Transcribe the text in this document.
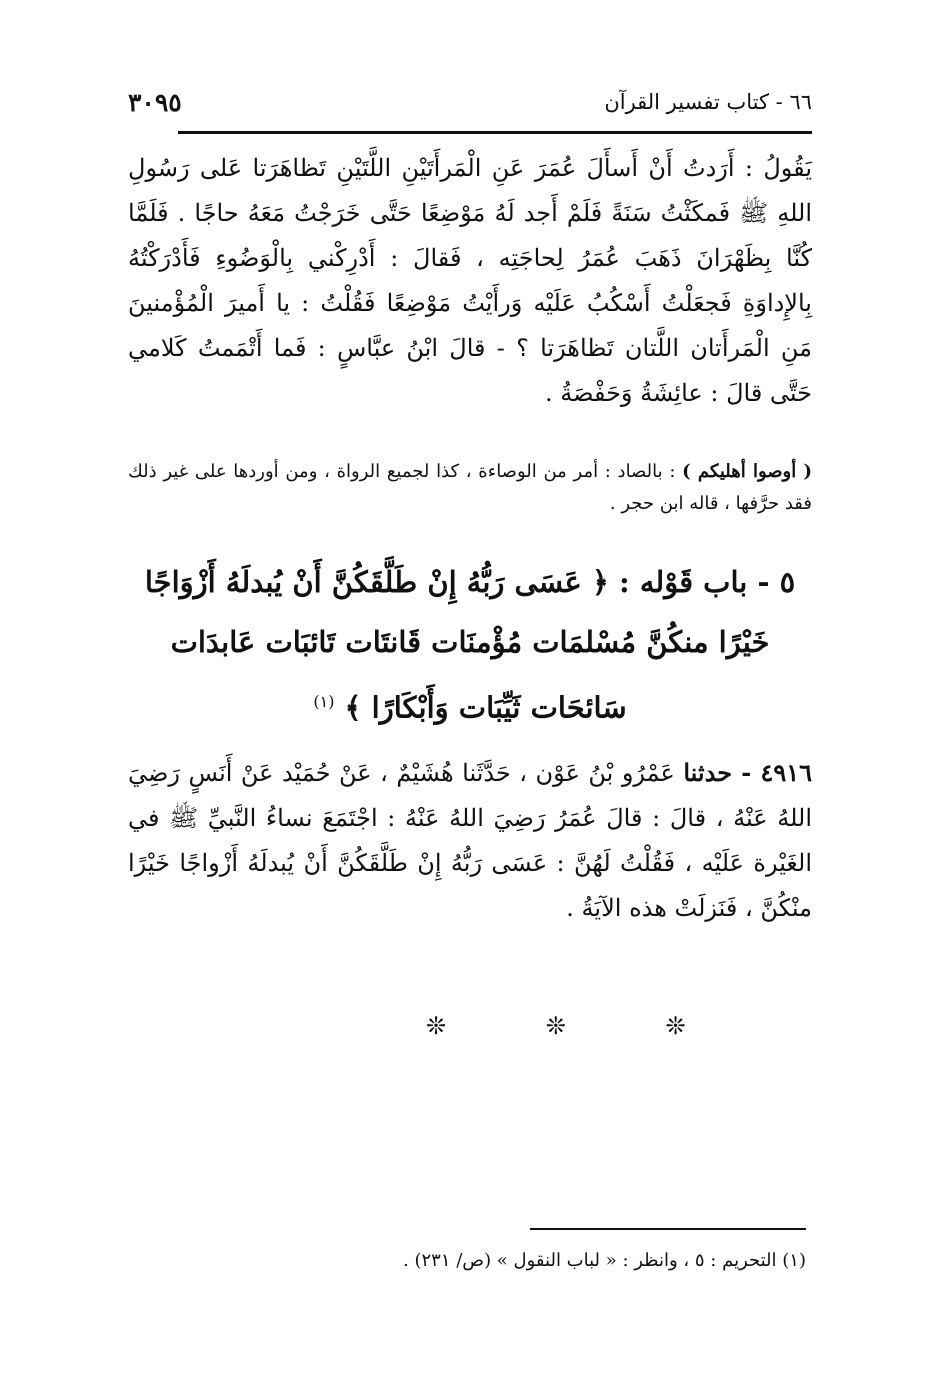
٦٦ - كتاب تفسير القرآن
٣٠٩٥

يَقُولُ : أَرَدتُ أَنْ أَسأَلَ عُمَرَ عَنِ الْمَرأَتَيْنِ اللَّتَيْنِ تَظاهَرَتا عَلى رَسُولِ اللهِ ﷺ فَمكَثْتُ سَنَةً فَلَمْ أَجد لَهُ مَوْضِعًا حَتَّى خَرَجْتُ مَعَهُ حاجًا . فَلَمَّا كُنَّا بِظَهْرَانَ ذَهَبَ عُمَرُ لِحاجَتِه ، فَقالَ : أَدْرِكْني بِالْوَضُوءِ فَأَدْرَكْتُهُ بِالإِداوَةِ فَجعَلْتُ أَسْكُبُ عَلَيْه وَرأَيْتُ مَوْضِعًا فَقُلْتُ : يا أَميرَ الْمُؤْمنينَ مَنِ الْمَرأَتان اللَّتان تَظاهَرَتا ؟ - قالَ ابْنُ عبَّاسٍ : فَما أَتْمَمتُ كَلامي حَتَّى قالَ : عائِشَةُ وَحَفْصَةُ .

( أوصوا أهليكم ) : بالصاد : أمر من الوصاءة ، كذا لجميع الرواة ، ومن أوردها على غير ذلك فقد حرَّفها ، قاله ابن حجر .

٥ - باب قَوْله : ﴿ عَسَى رَبُّهُ إِنْ طَلَّقَكُنَّ أَنْ يُبدلَهُ أَزْوَاجًا خَيْرًا منكُنَّ مُسْلمَات مُؤْمنَات قَانتَات تَائبَات عَابدَات سَائحَات ثَيِّبَات وَأَبْكَارًا ﴾ $^{(١)}$

٤٩١٦ - حدثنا عَمْرُو بْنُ عَوْن ، حَدَّثَنا هُشَيْمٌ ، عَنْ حُمَيْد عَنْ أَنَسٍ رَضِيَ اللهُ عَنْهُ ، قالَ : قالَ عُمَرُ رَضِيَ اللهُ عَنْهُ : اجْتَمَعَ نساءُ النَّبيِّ ﷺ في الغَيْرة عَلَيْه ، فَقُلْتُ لَهُنَّ : عَسَى رَبُّهُ إِنْ طَلَّقَكُنَّ أَنْ يُبدلَهُ أَزْواجًا خَيْرًا منْكُنَّ ، فَنَزلَتْ هذه الآيَةُ .

❊ ❊ ❊
(١) التحريم : ٥ ، وانظر : « لباب النقول » (ص/ ٢٣١) .
